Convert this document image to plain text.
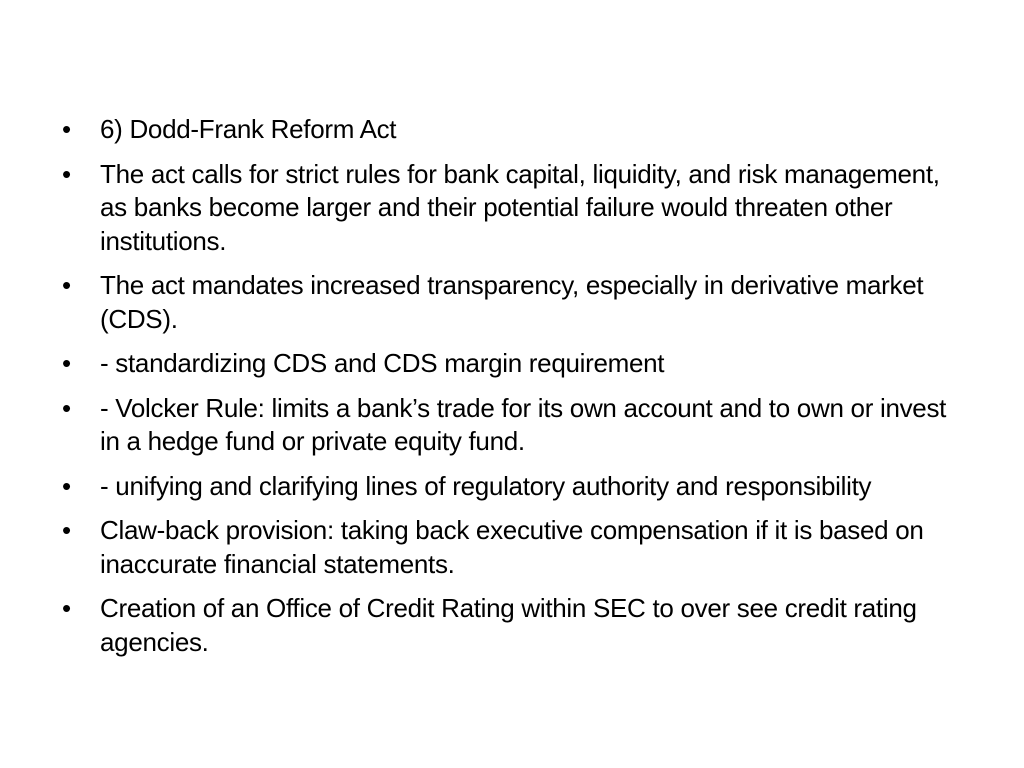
•	6) Dodd-Frank Reform Act
•	The act calls for strict rules for bank capital, liquidity, and risk management, as banks become larger and their potential failure would threaten other institutions.
•	The act mandates increased transparency, especially in derivative market (CDS).
•	- standardizing CDS and CDS margin requirement
•	- Volcker Rule: limits a bank’s trade for its own account and to own or invest in a hedge fund or private equity fund.
•	- unifying and clarifying lines of regulatory authority and responsibility
•	Claw-back provision: taking back executive compensation if it is based on inaccurate financial statements.
•	Creation of an Office of Credit Rating within SEC to over see credit rating agencies.
